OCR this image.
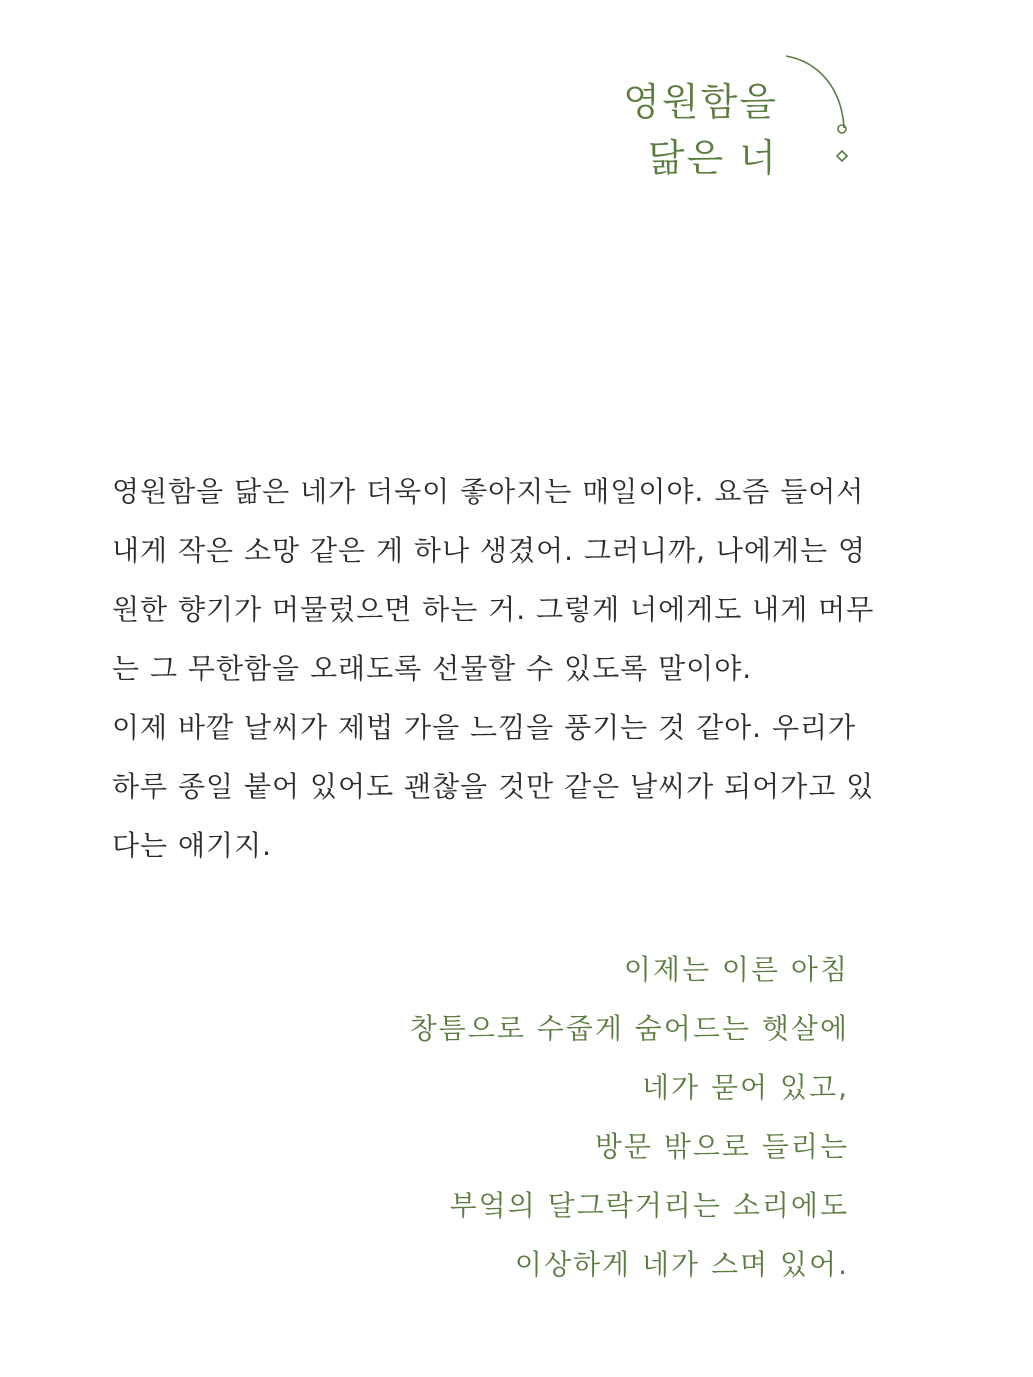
영원함을
닮은 너
영원함을 닮은 네가 더욱이 좋아지는 매일이야. 요즘 들어서
내게 작은 소망 같은 게 하나 생겼어. 그러니까, 나에게는 영
원한 향기가 머물렀으면 하는 거. 그렇게 너에게도 내게 머무
는 그 무한함을 오래도록 선물할 수 있도록 말이야.
이제 바깥 날씨가 제법 가을 느낌을 풍기는 것 같아. 우리가
하루 종일 붙어 있어도 괜찮을 것만 같은 날씨가 되어가고 있
다는 얘기지.
이제는 이른 아침
창틈으로 수줍게 숨어드는 햇살에
네가 묻어 있고,
방문 밖으로 들리는
부엌의 달그락거리는 소리에도
이상하게 네가 스며 있어.
